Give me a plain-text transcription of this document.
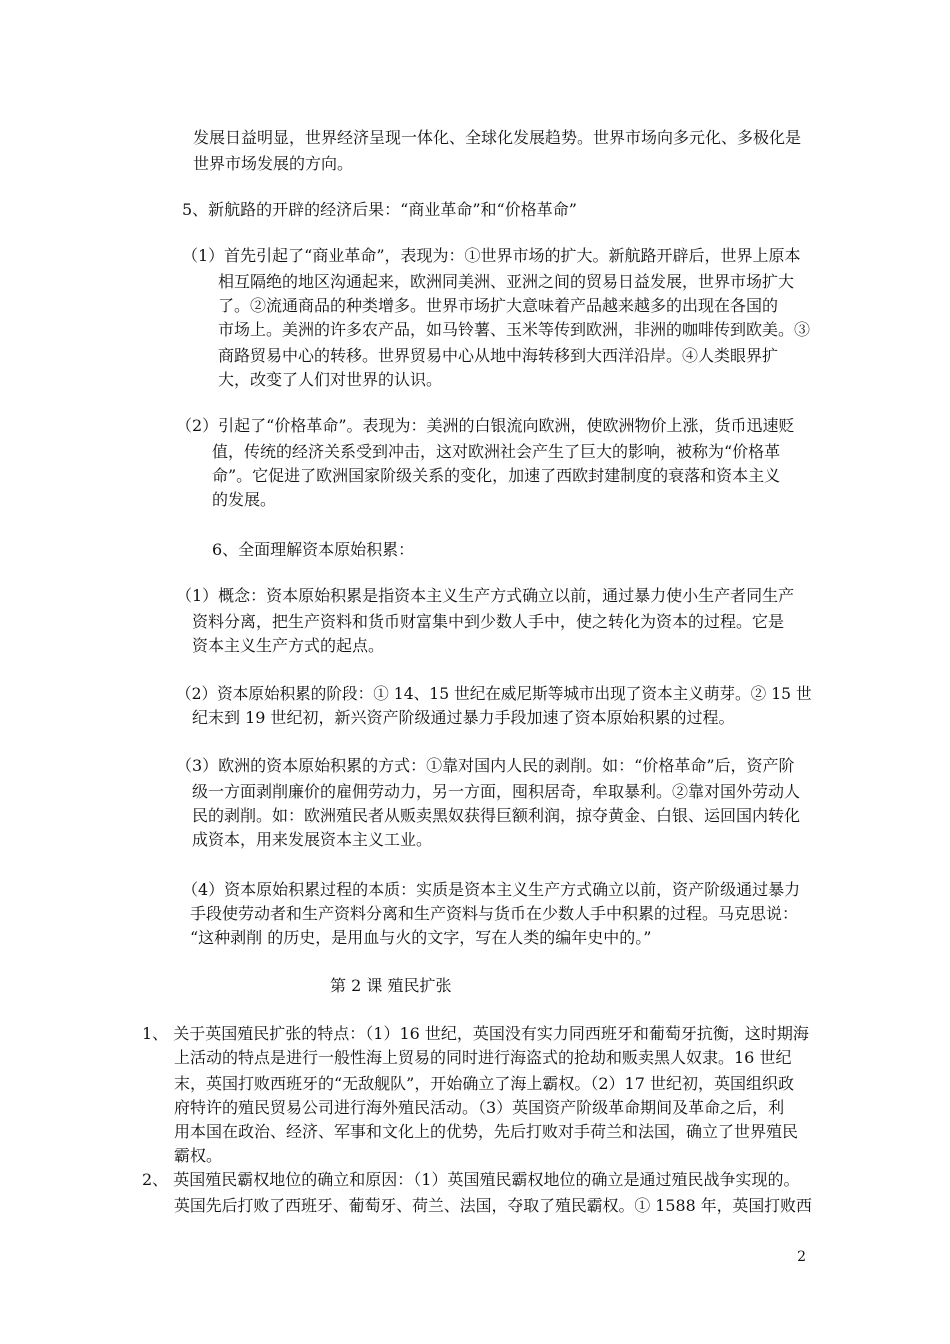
发展日益明显，世界经济呈现一体化、全球化发展趋势。世界市场向多元化、多极化是
世界市场发展的方向。
5、新航路的开辟的经济后果：“商业革命”和“价格革命”
（1）首先引起了“商业革命”，表现为：①世界市场的扩大。新航路开辟后，世界上原本
相互隔绝的地区沟通起来，欧洲同美洲、亚洲之间的贸易日益发展，世界市场扩大
了。②流通商品的种类增多。世界市场扩大意味着产品越来越多的出现在各国的
市场上。美洲的许多农产品，如马铃薯、玉米等传到欧洲，非洲的咖啡传到欧美。③
商路贸易中心的转移。世界贸易中心从地中海转移到大西洋沿岸。④人类眼界扩
大，改变了人们对世界的认识。
（2）引起了“价格革命”。表现为：美洲的白银流向欧洲，使欧洲物价上涨，货币迅速贬
值，传统的经济关系受到冲击，这对欧洲社会产生了巨大的影响，被称为“价格革
命”。它促进了欧洲国家阶级关系的变化，加速了西欧封建制度的衰落和资本主义
的发展。
6、全面理解资本原始积累：
（1）概念：资本原始积累是指资本主义生产方式确立以前，通过暴力使小生产者同生产
资料分离，把生产资料和货币财富集中到少数人手中，使之转化为资本的过程。它是
资本主义生产方式的起点。
（2）资本原始积累的阶段：① 14、15 世纪在威尼斯等城市出现了资本主义萌芽。② 15 世
纪末到 19 世纪初，新兴资产阶级通过暴力手段加速了资本原始积累的过程。
（3）欧洲的资本原始积累的方式：①靠对国内人民的剥削。如：“价格革命”后，资产阶
级一方面剥削廉价的雇佣劳动力，另一方面，囤积居奇，牟取暴利。②靠对国外劳动人
民的剥削。如：欧洲殖民者从贩卖黑奴获得巨额利润，掠夺黄金、白银、运回国内转化
成资本，用来发展资本主义工业。
（4）资本原始积累过程的本质：实质是资本主义生产方式确立以前，资产阶级通过暴力
手段使劳动者和生产资料分离和生产资料与货币在少数人手中积累的过程。马克思说：
“这种剥削 的历史，是用血与火的文字，写在人类的编年史中的。”
第 2 课 殖民扩张
1、 关于英国殖民扩张的特点：（1）16 世纪，英国没有实力同西班牙和葡萄牙抗衡，这时期海
上活动的特点是进行一般性海上贸易的同时进行海盗式的抢劫和贩卖黑人奴隶。16 世纪
末，英国打败西班牙的“无敌舰队”，开始确立了海上霸权。（2）17 世纪初，英国组织政
府特许的殖民贸易公司进行海外殖民活动。（3）英国资产阶级革命期间及革命之后，利
用本国在政治、经济、军事和文化上的优势，先后打败对手荷兰和法国，确立了世界殖民
霸权。
2、 英国殖民霸权地位的确立和原因：（1）英国殖民霸权地位的确立是通过殖民战争实现的。
英国先后打败了西班牙、葡萄牙、荷兰、法国，夺取了殖民霸权。① 1588 年，英国打败西
2
